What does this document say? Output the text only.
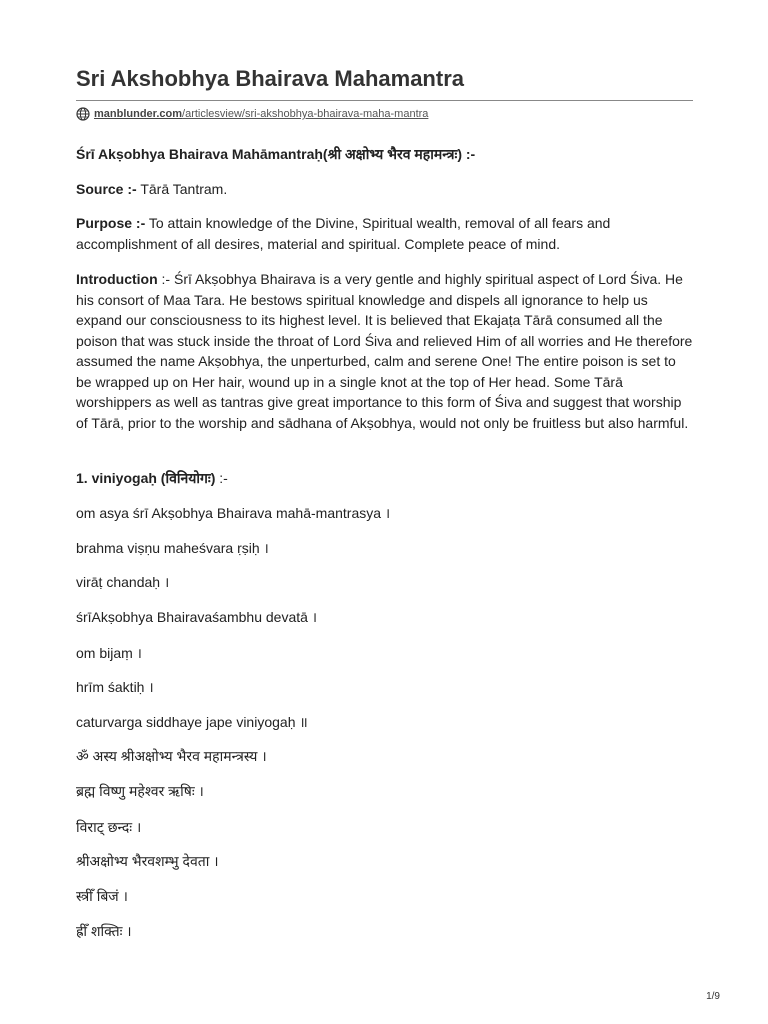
Sri Akshobhya Bhairava Mahamantra
manblunder.com /articlesview/sri-akshobhya-bhairava-maha-mantra

Śrī Akṣobhya Bhairava Mahāmantraḥ(श्री अक्षोभ्य भैरव महामन्त्रः) :-

Source :- Tārā Tantram.

Purpose :- To attain knowledge of the Divine, Spiritual wealth, removal of all fears and accomplishment of all desires, material and spiritual. Complete peace of mind.

Introduction :- Śrī Akṣobhya Bhairava is a very gentle and highly spiritual aspect of Lord Śiva. He his consort of Maa Tara. He bestows spiritual knowledge and dispels all ignorance to help us expand our consciousness to its highest level. It is believed that Ekajaṭa Tārā consumed all the poison that was stuck inside the throat of Lord Śiva and relieved Him of all worries and He therefore assumed the name Akṣobhya, the unperturbed, calm and serene One! The entire poison is set to be wrapped up on Her hair, wound up in a single knot at the top of Her head. Some Tārā worshippers as well as tantras give great importance to this form of Śiva and suggest that worship of Tārā, prior to the worship and sādhana of Akṣobhya, would not only be fruitless but also harmful.

1. viniyogaḥ (विनियोगः) :-

om asya śrī Akṣobhya Bhairava mahā-mantrasya ।

brahma viṣṇu maheśvara ṛṣiḥ ।

virāṭ chandaḥ ।

śrīAkṣobhya Bhairavaśambhu devatā ।

om bijaṃ ।

hrīm śaktiḥ ।

caturvarga siddhaye jape viniyogaḥ ॥

ॐ अस्य श्रीअक्षोभ्य भैरव महामन्त्रस्य ।

ब्रह्म विष्णु महेश्वर ऋषिः ।

विराट् छन्दः ।

श्रीअक्षोभ्य भैरवशम्भु देवता ।

स्त्रीँ बिजं ।

ह्रीँ शक्तिः ।

1/9
